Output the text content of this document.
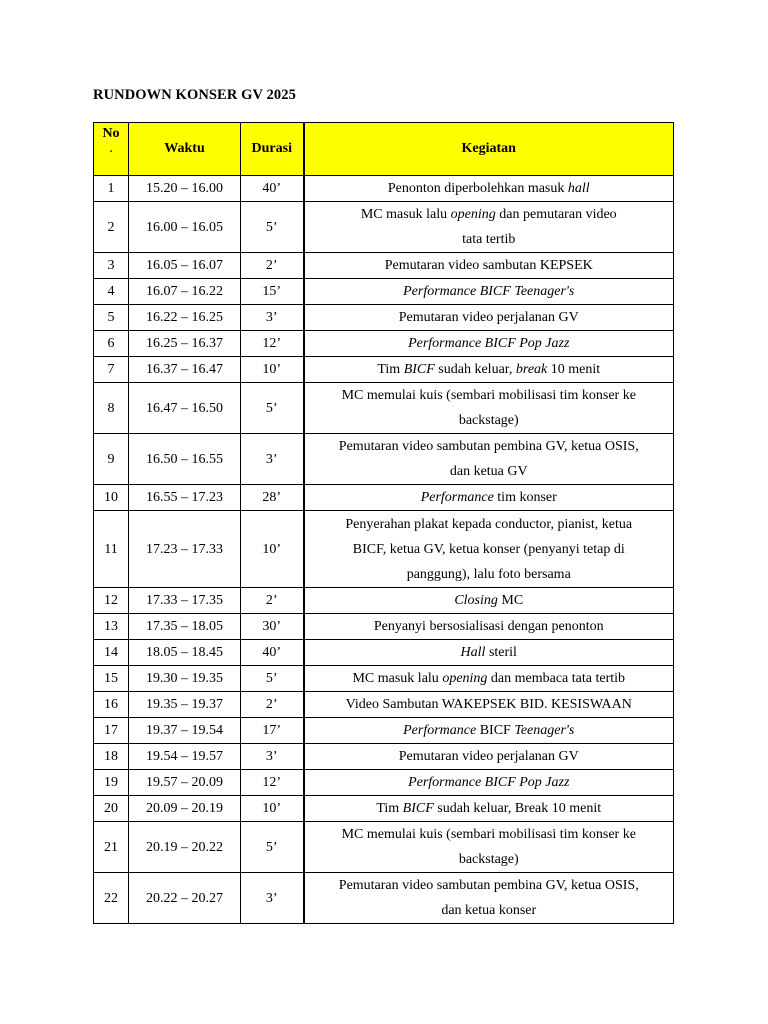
RUNDOWN KONSER GV 2025
No
.	Waktu	Durasi	Kegiatan
1	15.20 – 16.00	40’	Penonton diperbolehkan masuk hall

2	16.00 – 16.05	5’	MC masuk lalu opening dan pemutaran video
tata tertib

3	16.05 – 16.07	2’	Pemutaran video sambutan KEPSEK

4	16.07 – 16.22	15’	Performance BICF Teenager's

5	16.22 – 16.25	3’	Pemutaran video perjalanan GV

6	16.25 – 16.37	12’	Performance BICF Pop Jazz

7	16.37 – 16.47	10’	Tim BICF sudah keluar, break 10 menit

8	16.47 – 16.50	5’	MC memulai kuis (sembari mobilisasi tim konser ke
backstage)

9	16.50 – 16.55	3’	Pemutaran video sambutan pembina GV, ketua OSIS,
dan ketua GV

10	16.55 – 17.23	28’	Performance tim konser

11	17.23 – 17.33	10’	Penyerahan plakat kepada conductor, pianist, ketua
BICF, ketua GV, ketua konser (penyanyi tetap di
panggung), lalu foto bersama

12	17.33 – 17.35	2’	Closing MC

13	17.35 – 18.05	30’	Penyanyi bersosialisasi dengan penonton

14	18.05 – 18.45	40’	Hall steril

15	19.30 – 19.35	5’	MC masuk lalu opening dan membaca tata tertib

16	19.35 – 19.37	2’	Video Sambutan WAKEPSEK BID. KESISWAAN

17	19.37 – 19.54	17’	Performance BICF Teenager's

18	19.54 – 19.57	3’	Pemutaran video perjalanan GV

19	19.57 – 20.09	12’	Performance BICF Pop Jazz

20	20.09 – 20.19	10’	Tim BICF sudah keluar, Break 10 menit

21	20.19 – 20.22	5’	MC memulai kuis (sembari mobilisasi tim konser ke
backstage)

22	20.22 – 20.27	3’	Pemutaran video sambutan pembina GV, ketua OSIS,
dan ketua konser
